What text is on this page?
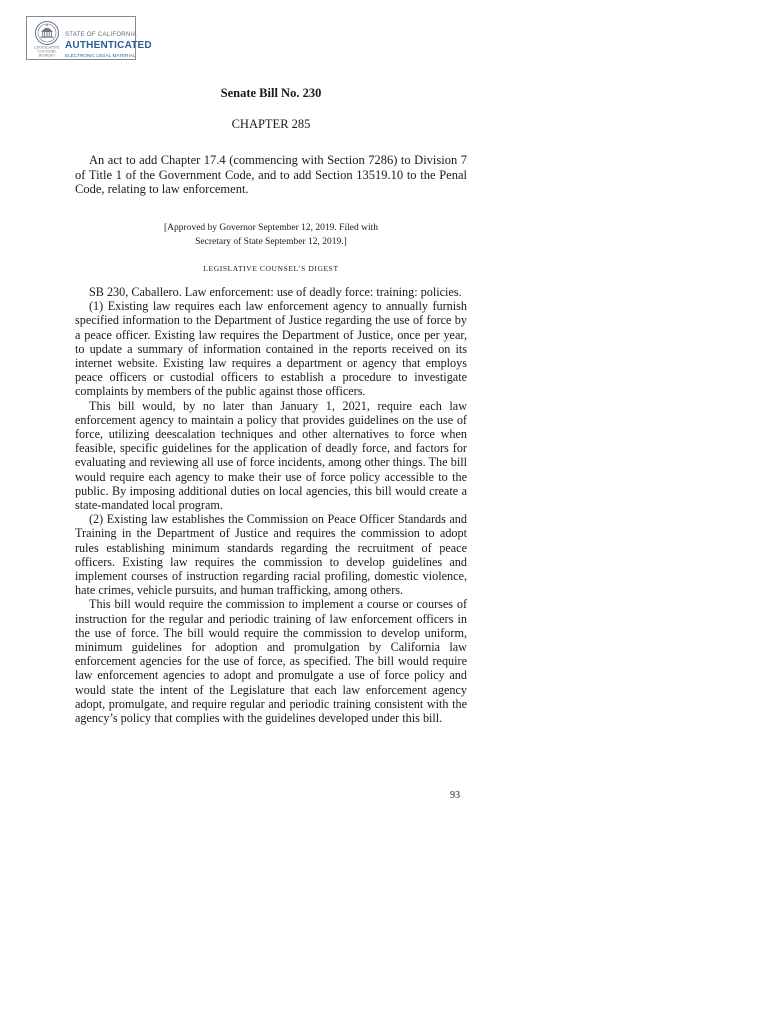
LEGISLATIVE
COUNSEL
BUREAU
STATE OF CALIFORNIA
AUTHENTICATED
ELECTRONIC LEGAL MATERIAL
Senate Bill No. 230
CHAPTER 285
An act to add Chapter 17.4 (commencing with Section 7286) to Division 7 of Title 1 of the Government Code, and to add Section 13519.10 to the Penal Code, relating to law enforcement.
[Approved by Governor September 12, 2019. Filed with
Secretary of State September 12, 2019.]
LEGISLATIVE COUNSEL’S DIGEST

SB 230, Caballero. Law enforcement: use of deadly force: training: policies.

(1) Existing law requires each law enforcement agency to annually furnish specified information to the Department of Justice regarding the use of force by a peace officer. Existing law requires the Department of Justice, once per year, to update a summary of information contained in the reports received on its internet website. Existing law requires a department or agency that employs peace officers or custodial officers to establish a procedure to investigate complaints by members of the public against those officers.

This bill would, by no later than January 1, 2021, require each law enforcement agency to maintain a policy that provides guidelines on the use of force, utilizing deescalation techniques and other alternatives to force when feasible, specific guidelines for the application of deadly force, and factors for evaluating and reviewing all use of force incidents, among other things. The bill would require each agency to make their use of force policy accessible to the public. By imposing additional duties on local agencies, this bill would create a state-mandated local program.

(2) Existing law establishes the Commission on Peace Officer Standards and Training in the Department of Justice and requires the commission to adopt rules establishing minimum standards regarding the recruitment of peace officers. Existing law requires the commission to develop guidelines and implement courses of instruction regarding racial profiling, domestic violence, hate crimes, vehicle pursuits, and human trafficking, among others.

This bill would require the commission to implement a course or courses of instruction for the regular and periodic training of law enforcement officers in the use of force. The bill would require the commission to develop uniform, minimum guidelines for adoption and promulgation by California law enforcement agencies for the use of force, as specified. The bill would require law enforcement agencies to adopt and promulgate a use of force policy and would state the intent of the Legislature that each law enforcement agency adopt, promulgate, and require regular and periodic training consistent with the agency’s policy that complies with the guidelines developed under this bill.

93
